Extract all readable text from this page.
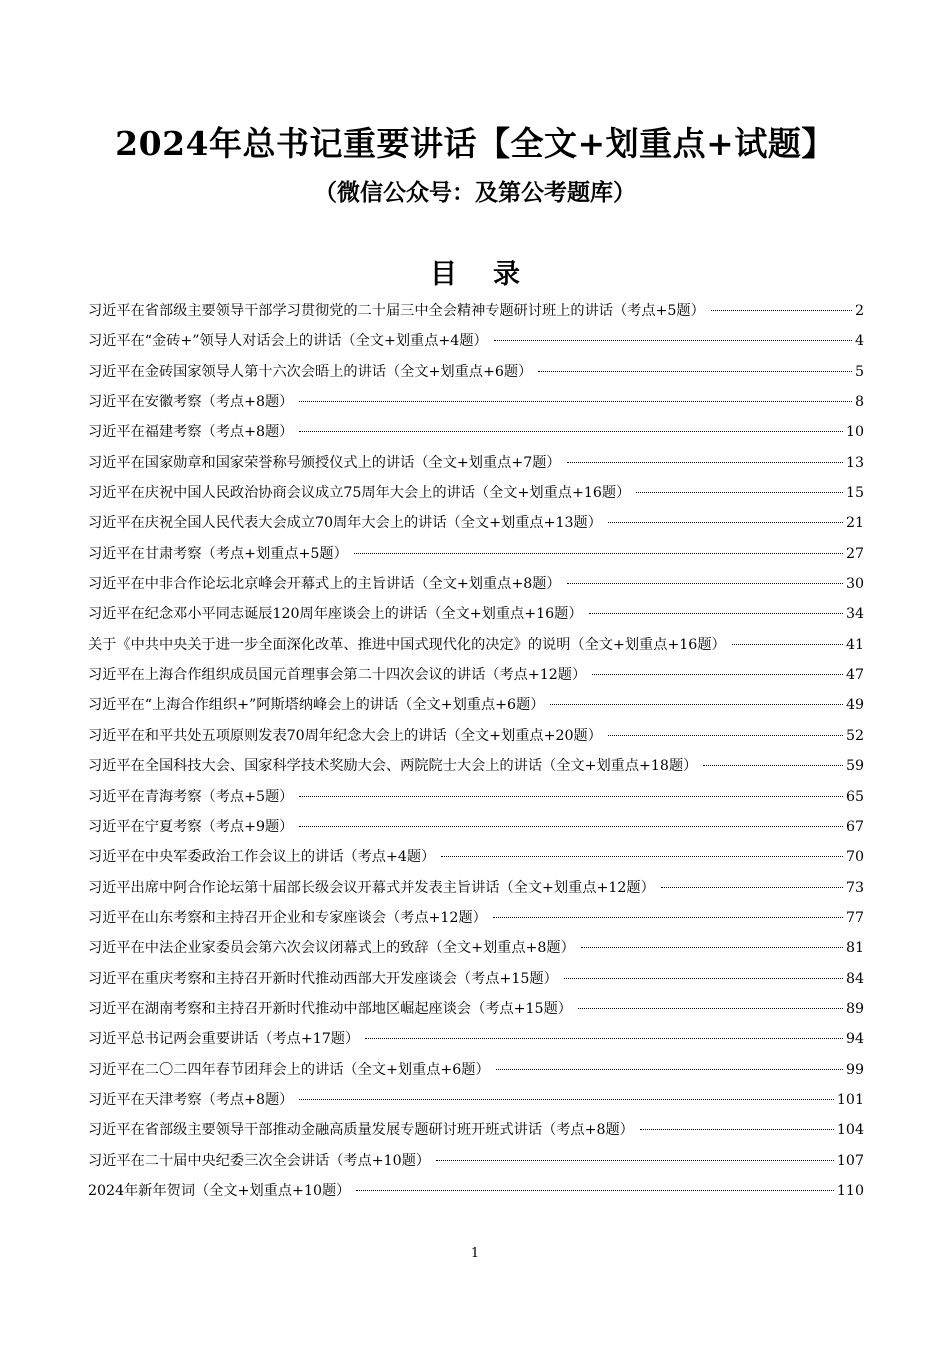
2024年总书记重要讲话【全文+划重点+试题】
（微信公众号：及第公考题库）
目录
习近平在省部级主要领导干部学习贯彻党的二十届三中全会精神专题研讨班上的讲话（考点+5题）	2
习近平在“金砖+”领导人对话会上的讲话（全文+划重点+4题）	4
习近平在金砖国家领导人第十六次会晤上的讲话（全文+划重点+6题）	5
习近平在安徽考察（考点+8题）	8
习近平在福建考察（考点+8题）	10
习近平在国家勋章和国家荣誉称号颁授仪式上的讲话（全文+划重点+7题）	13
习近平在庆祝中国人民政治协商会议成立75周年大会上的讲话（全文+划重点+16题）	15
习近平在庆祝全国人民代表大会成立70周年大会上的讲话（全文+划重点+13题）	21
习近平在甘肃考察（考点+划重点+5题）	27
习近平在中非合作论坛北京峰会开幕式上的主旨讲话（全文+划重点+8题）	30
习近平在纪念邓小平同志诞辰120周年座谈会上的讲话（全文+划重点+16题）	34
关于《中共中央关于进一步全面深化改革、推进中国式现代化的决定》的说明（全文+划重点+16题）	41
习近平在上海合作组织成员国元首理事会第二十四次会议的讲话（考点+12题）	47
习近平在“上海合作组织+”阿斯塔纳峰会上的讲话（全文+划重点+6题）	49
习近平在和平共处五项原则发表70周年纪念大会上的讲话（全文+划重点+20题）	52
习近平在全国科技大会、国家科学技术奖励大会、两院院士大会上的讲话（全文+划重点+18题）	59
习近平在青海考察（考点+5题）	65
习近平在宁夏考察（考点+9题）	67
习近平在中央军委政治工作会议上的讲话（考点+4题）	70
习近平出席中阿合作论坛第十届部长级会议开幕式并发表主旨讲话（全文+划重点+12题）	73
习近平在山东考察和主持召开企业和专家座谈会（考点+12题）	77
习近平在中法企业家委员会第六次会议闭幕式上的致辞（全文+划重点+8题）	81
习近平在重庆考察和主持召开新时代推动西部大开发座谈会（考点+15题）	84
习近平在湖南考察和主持召开新时代推动中部地区崛起座谈会（考点+15题）	89
习近平总书记两会重要讲话（考点+17题）	94
习近平在二〇二四年春节团拜会上的讲话（全文+划重点+6题）	99
习近平在天津考察（考点+8题）	101
习近平在省部级主要领导干部推动金融高质量发展专题研讨班开班式讲话（考点+8题）	104
习近平在二十届中央纪委三次全会讲话（考点+10题）	107
2024年新年贺词（全文+划重点+10题）	110
1
